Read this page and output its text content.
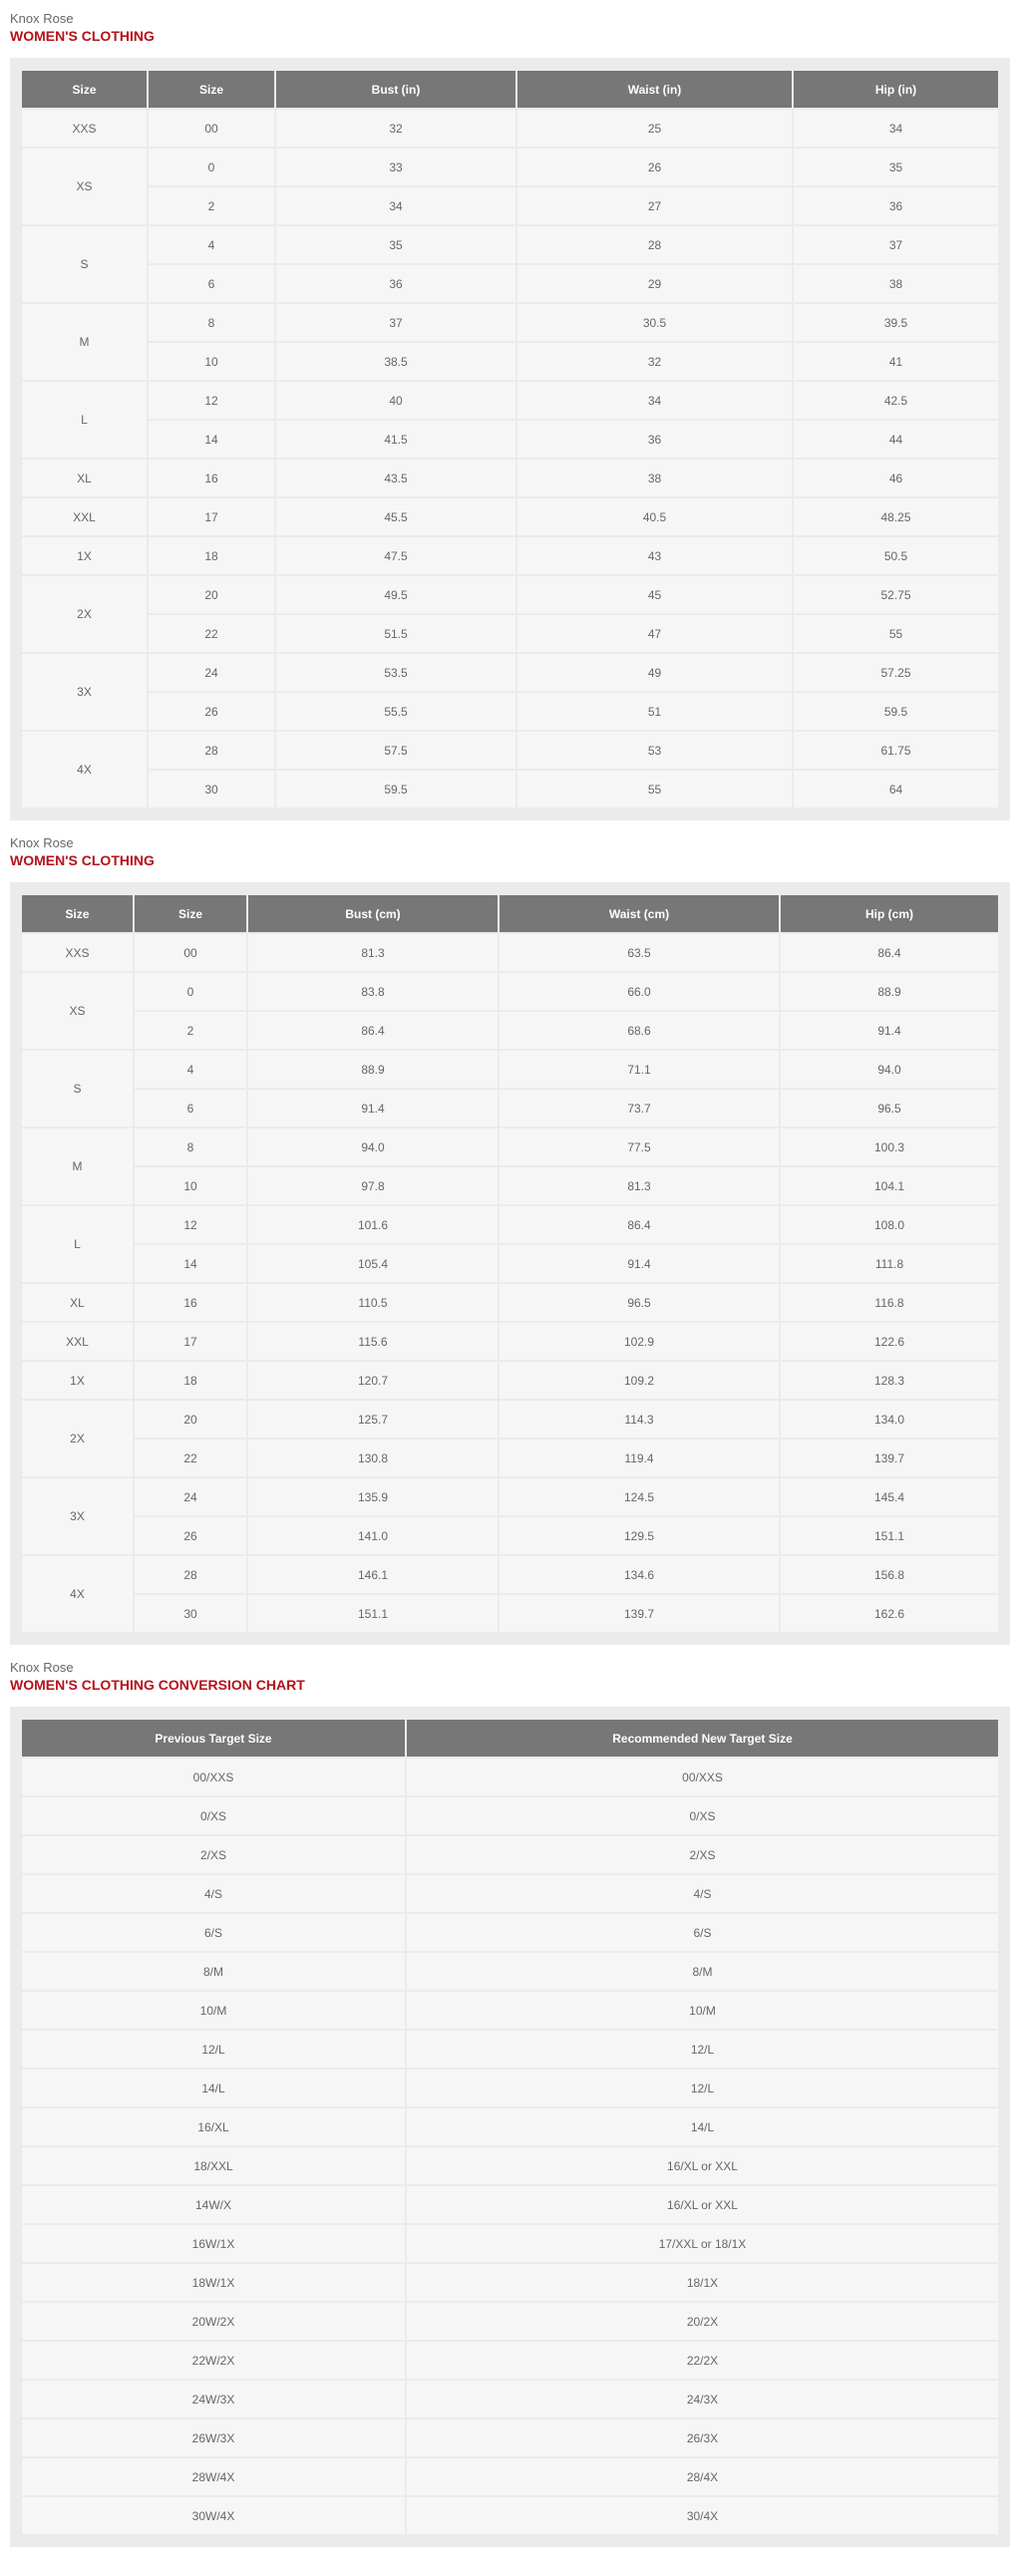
Knox Rose
WOMEN'S CLOTHING
Size	Size	Bust (in)	Waist (in)	Hip (in)
XXS	00	32	25	34
XS	0	33	26	35
	2	34	27	36
S	4	35	28	37
	6	36	29	38
M	8	37	30.5	39.5
	10	38.5	32	41
L	12	40	34	42.5
	14	41.5	36	44
XL	16	43.5	38	46
XXL	17	45.5	40.5	48.25
1X	18	47.5	43	50.5
2X	20	49.5	45	52.75
	22	51.5	47	55
3X	24	53.5	49	57.25
	26	55.5	51	59.5
4X	28	57.5	53	61.75
	30	59.5	55	64
Knox Rose
WOMEN'S CLOTHING
Size	Size	Bust (cm)	Waist (cm)	Hip (cm)
XXS	00	81.3	63.5	86.4
XS	0	83.8	66.0	88.9
	2	86.4	68.6	91.4
S	4	88.9	71.1	94.0
	6	91.4	73.7	96.5
M	8	94.0	77.5	100.3
	10	97.8	81.3	104.1
L	12	101.6	86.4	108.0
	14	105.4	91.4	111.8
XL	16	110.5	96.5	116.8
XXL	17	115.6	102.9	122.6
1X	18	120.7	109.2	128.3
2X	20	125.7	114.3	134.0
	22	130.8	119.4	139.7
3X	24	135.9	124.5	145.4
	26	141.0	129.5	151.1
4X	28	146.1	134.6	156.8
	30	151.1	139.7	162.6
Knox Rose
WOMEN'S CLOTHING CONVERSION CHART
Previous Target Size	Recommended New Target Size
00/XXS	00/XXS
0/XS	0/XS
2/XS	2/XS
4/S	4/S
6/S	6/S
8/M	8/M
10/M	10/M
12/L	12/L
14/L	12/L
16/XL	14/L
18/XXL	16/XL or XXL
14W/X	16/XL or XXL
16W/1X	17/XXL or 18/1X
18W/1X	18/1X
20W/2X	20/2X
22W/2X	22/2X
24W/3X	24/3X
26W/3X	26/3X
28W/4X	28/4X
30W/4X	30/4X
